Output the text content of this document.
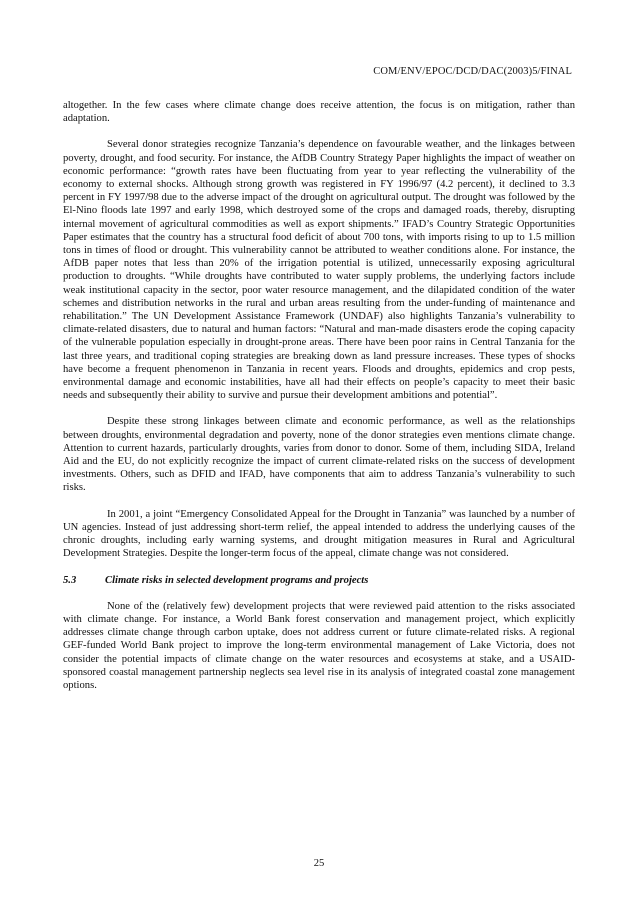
COM/ENV/EPOC/DCD/DAC(2003)5/FINAL

altogether. In the few cases where climate change does receive attention, the focus is on mitigation, rather than adaptation.

Several donor strategies recognize Tanzania’s dependence on favourable weather, and the linkages between poverty, drought, and food security. For instance, the AfDB Country Strategy Paper highlights the impact of weather on economic performance: “growth rates have been fluctuating from year to year reflecting the vulnerability of the economy to external shocks. Although strong growth was registered in FY 1996/97 (4.2 percent), it declined to 3.3 percent in FY 1997/98 due to the adverse impact of the drought on agricultural output. The drought was followed by the El-Nino floods late 1997 and early 1998, which destroyed some of the crops and damaged roads, thereby, disrupting internal movement of agricultural commodities as well as export shipments.” IFAD’s Country Strategic Opportunities Paper estimates that the country has a structural food deficit of about 700 tons, with imports rising to up to 1.5 million tons in times of flood or drought. This vulnerability cannot be attributed to weather conditions alone. For instance, the AfDB paper notes that less than 20% of the irrigation potential is utilized, unnecessarily exposing agricultural production to droughts. “While droughts have contributed to water supply problems, the underlying factors include weak institutional capacity in the sector, poor water resource management, and the dilapidated condition of the water schemes and distribution networks in the rural and urban areas resulting from the under-funding of maintenance and rehabilitation.” The UN Development Assistance Framework (UNDAF) also highlights Tanzania’s vulnerability to climate-related disasters, due to natural and human factors: “Natural and man-made disasters erode the coping capacity of the vulnerable population especially in drought-prone areas. There have been poor rains in Central Tanzania for the last three years, and traditional coping strategies are breaking down as land pressure increases. These types of shocks have become a frequent phenomenon in Tanzania in recent years. Floods and droughts, epidemics and crop pests, environmental damage and economic instabilities, have all had their effects on people’s capacity to meet their basic needs and subsequently their ability to survive and pursue their development ambitions and potential”.

Despite these strong linkages between climate and economic performance, as well as the relationships between droughts, environmental degradation and poverty, none of the donor strategies even mentions climate change. Attention to current hazards, particularly droughts, varies from donor to donor. Some of them, including SIDA, Ireland Aid and the EU, do not explicitly recognize the impact of current climate-related risks on the success of development investments. Others, such as DFID and IFAD, have components that aim to address Tanzania’s vulnerability to such risks.

In 2001, a joint “Emergency Consolidated Appeal for the Drought in Tanzania” was launched by a number of UN agencies. Instead of just addressing short-term relief, the appeal intended to address the underlying causes of the chronic droughts, including early warning systems, and drought mitigation measures in Rural and Agricultural Development Strategies. Despite the longer-term focus of the appeal, climate change was not considered.

5.3	Climate risks in selected development programs and projects

None of the (relatively few) development projects that were reviewed paid attention to the risks associated with climate change. For instance, a World Bank forest conservation and management project, which explicitly addresses climate change through carbon uptake, does not address current or future climate-related risks. A regional GEF-funded World Bank project to improve the long-term environmental management of Lake Victoria, does not consider the potential impacts of climate change on the water resources and ecosystems at stake, and a USAID-sponsored coastal management partnership neglects sea level rise in its analysis of integrated coastal zone management options.

25
